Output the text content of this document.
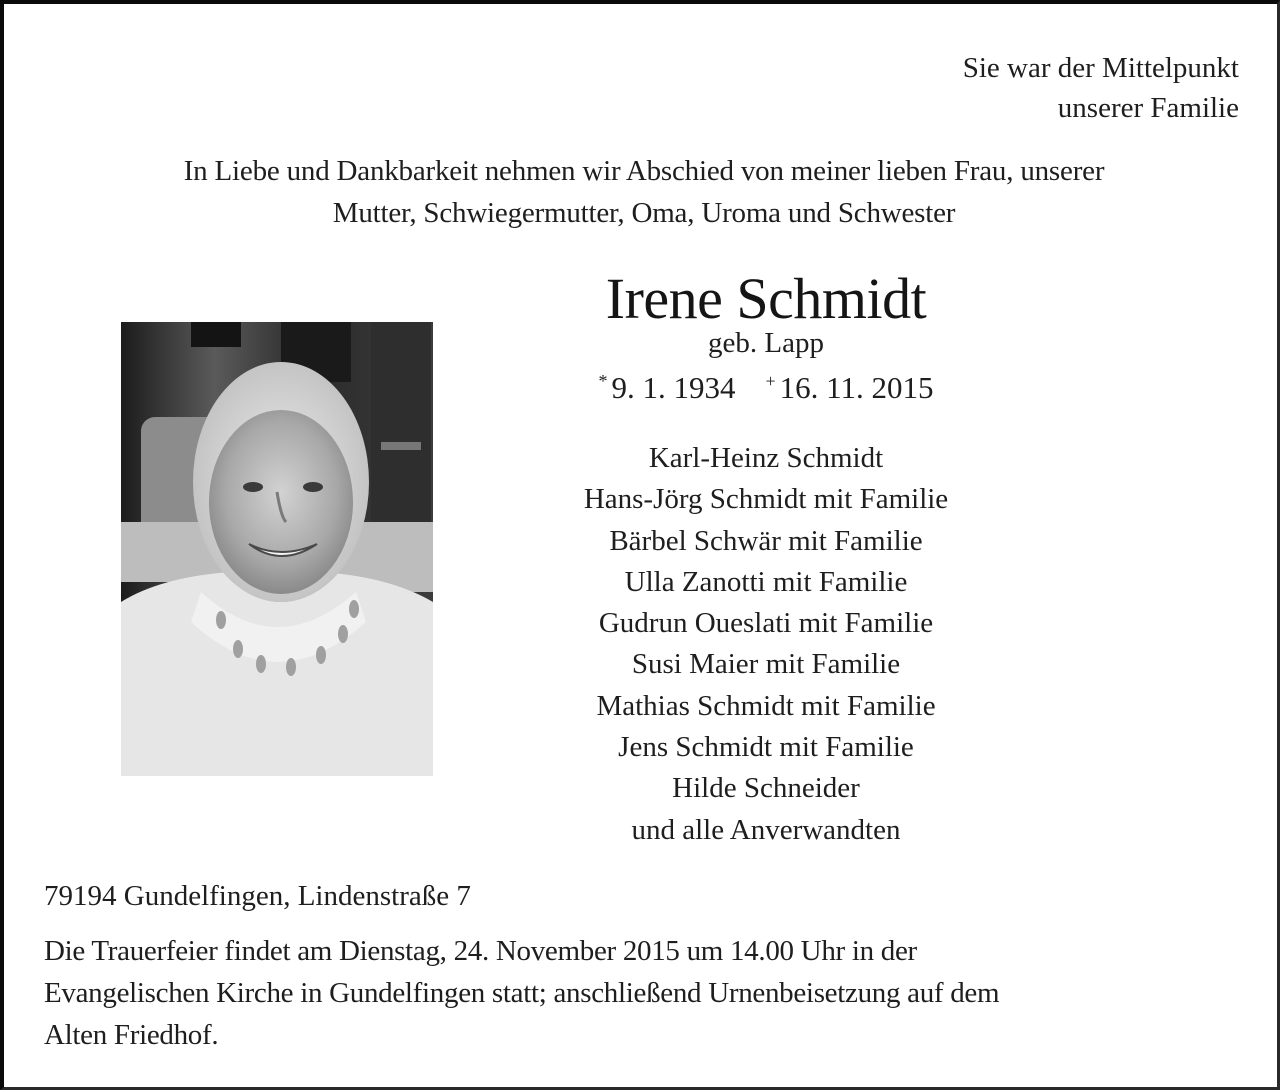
Sie war der Mittelpunkt
unserer Familie
In Liebe und Dankbarkeit nehmen wir Abschied von meiner lieben Frau, unserer
Mutter, Schwiegermutter, Oma, Uroma und Schwester
Irene Schmidt
geb. Lapp
* 9. 1. 1934 + 16. 11. 2015
Karl-Heinz Schmidt
Hans-Jörg Schmidt mit Familie
Bärbel Schwär mit Familie
Ulla Zanotti mit Familie
Gudrun Oueslati mit Familie
Susi Maier mit Familie
Mathias Schmidt mit Familie
Jens Schmidt mit Familie
Hilde Schneider
und alle Anverwandten
79194 Gundelfingen, Lindenstraße 7

Die Trauerfeier findet am Dienstag, 24. November 2015 um 14.00 Uhr in der

Evangelischen Kirche in Gundelfingen statt; anschließend Urnenbeisetzung auf dem

Alten Friedhof.
